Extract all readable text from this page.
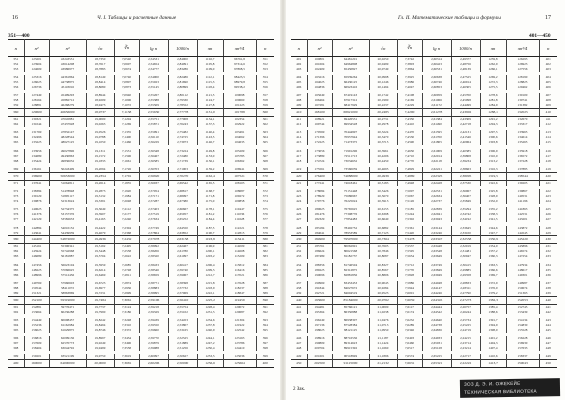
16	Ч. I. Таблицы и расчетные данные
351—400
n	n²	n³	√n	∛n	lg n	1000/n	πn	πn²/4	n
351	123201	43243551	18,7350	7,0540	2,54531	2,84900	1102,7	96761,8	351
352	123904	43614208	18,7617	7,0607	2,54654	2,84091	1105,8	97314,6	352
353	124609	43986977	18,7883	7,0674	2,54777	2,83286	1109,0	97868,5	353

354	125316	44361864	18,8149	7,0740	2,54900	2,82486	1112,1	98423,5	354
355	126025	44738875	18,8414	7,0807	2,55023	2,81690	1115,3	98979,8	355
356	126736	45118016	18,8680	7,0873	2,55145	2,80899	1118,4	99538,2	356

357	127449	45499293	18,8944	7,0940	2,55267	2,80112	1121,5	100098	357
358	128164	45882712	18,9209	7,1006	2,55388	2,79330	1124,7	100660	358
359	128881	46268279	18,9473	7,1072	2,55509	2,78552	1127,8	101223	359
360	129600	46656000	18,9737	7,1138	2,55630	2,77778	1131,0	101788	360
361	130321	47045881	19,0000	7,1204	2,55751	2,77008	1134,1	102354	361
362	131044	47437928	19,0263	7,1269	2,55871	2,76243	1137,3	102922	362

363	131769	47832147	19,0526	7,1335	2,55991	2,75482	1140,4	103491	363
364	132496	48228544	19,0788	7,1400	2,56110	2,74725	1143,5	104062	364
365	133225	48627125	19,1050	7,1466	2,56229	2,73973	1146,7	104635	365

366	133956	49027896	19,1311	7,1531	2,56348	2,73224	1149,8	105209	366
367	134689	49430863	19,1572	7,1596	2,56467	2,72480	1153,0	105785	367
368	135424	49836032	19,1833	7,1661	2,56585	2,71739	1156,1	106362	368

369	136161	50243409	19,2094	7,1726	2,56703	2,71003	1159,2	106941	369
370	136900	50653000	19,2354	7,1791	2,56820	2,70270	1162,4	107521	370
371	137641	51064811	19,2614	7,1855	2,56937	2,69542	1165,5	108103	371

372	138384	51478848	19,2873	7,1920	2,57054	2,68817	1168,7	108687	372
373	139129	51895117	19,3132	7,1984	2,57171	2,68097	1171,8	109272	373
374	139876	52313624	19,3391	7,2048	2,57287	2,67380	1175,0	109858	374

375	140625	52734375	19,3649	7,2112	2,57403	2,66667	1178,1	110447	375
376	141376	53157376	19,3907	7,2177	2,57519	2,65957	1181,2	111036	376
377	142129	53582633	19,4165	7,2240	2,57634	2,65252	1184,4	111628	377

378	142884	54010152	19,4422	7,2304	2,57749	2,64550	1187,5	112221	378
379	143641	54439939	19,4679	7,2368	2,57864	2,63852	1190,7	112815	379
380	144400	54872000	19,4936	7,2432	2,57978	2,63158	1193,8	113411	380
381	145161	55306341	19,5192	7,2495	2,58092	2,62467	1196,9	114009	381
382	145924	55742968	19,5448	7,2558	2,58206	2,61780	1200,1	114608	382
383	146689	56181887	19,5704	7,2622	2,58320	2,61097	1203,2	115209	383

384	147456	56623104	19,5959	7,2685	2,58433	2,60417	1206,4	115812	384
385	148225	57066625	19,6214	7,2748	2,58546	2,59740	1209,5	116416	385
386	148996	57512456	19,6469	7,2811	2,58659	2,59067	1212,7	117021	386

387	149769	57960603	19,6723	7,2874	2,58771	2,58398	1215,8	117628	387
388	150544	58411072	19,6977	7,2936	2,58883	2,57732	1218,9	118237	388
389	151321	58863869	19,7231	7,2999	2,58995	2,57069	1222,1	118847	389
390	152100	59319000	19,7484	7,3061	2,59106	2,56410	1225,2	119459	390
391	152881	59776471	19,7737	7,3124	2,59218	2,55754	1228,4	120072	391
392	153664	60236288	19,7990	7,3186	2,59329	2,55102	1231,5	120687	392

393	154449	60698457	19,8242	7,3248	2,59439	2,54453	1234,6	121304	393
394	155236	61162984	19,8494	7,3310	2,59550	2,53807	1237,8	121922	394
395	156025	61629875	19,8746	7,3372	2,59660	2,53165	1240,9	122542	395

396	156816	62099136	19,8997	7,3434	2,59770	2,52525	1244,1	123163	396
397	157609	62570773	19,9249	7,3496	2,59879	2,51889	1247,2	123786	397
398	158404	63044792	19,9499	7,3558	2,59988	2,51256	1250,4	124410	398

399	159201	63521199	19,9750	7,3619	2,60097	2,50627	1253,5	125036	399
400	160000	64000000	20,0000	7,3681	2,60206	2,50000	1256,6	125664	400
Гл. II. Математические таблицы и формулы	17
401—450
n	n²	n³	√n	∛n	lg n	1000/n	πn	πn²/4	n
401	160801	64481201	20,0250	7,3742	2,60314	2,49377	1259,8	126293	401
402	161604	64964808	20,0499	7,3803	2,60423	2,48756	1262,9	126923	402
403	162409	65450827	20,0749	7,3864	2,60531	2,48139	1266,1	127556	403

404	163216	65939264	20,0998	7,3925	2,60638	2,47525	1269,2	128190	404
405	164025	66430125	20,1246	7,3986	2,60746	2,46914	1272,3	128825	405
406	164836	66923416	20,1494	7,4047	2,60853	2,46305	1275,5	129462	406

407	165649	67419143	20,1742	7,4108	2,60959	2,45700	1278,6	130100	407
408	166464	67917312	20,1990	7,4169	2,61066	2,45098	1281,8	130741	408
409	167281	68417929	20,2237	7,4229	2,61172	2,44499	1284,9	131382	409
410	168100	68921000	20,2485	7,4290	2,61278	2,43902	1288,1	132025	410
411	168921	69426531	20,2731	7,4350	2,61384	2,43309	1291,2	132670	411
412	169744	69934528	20,2978	7,4410	2,61490	2,42718	1294,3	133317	412

413	170569	70444997	20,3224	7,4470	2,61595	2,42131	1297,5	133965	413
414	171396	70957944	20,3470	7,4530	2,61700	2,41546	1300,6	134614	414
415	172225	71473375	20,3715	7,4590	2,61805	2,40964	1303,8	135265	415

416	173056	71991296	20,3961	7,4650	2,61909	2,40385	1306,9	135918	416
417	173889	72511713	20,4206	7,4710	2,62014	2,39808	1310,0	136572	417
418	174724	73034632	20,4450	7,4770	2,62118	2,39234	1313,2	137228	418

419	175561	73560059	20,4695	7,4829	2,62221	2,38663	1316,3	137885	419
420	176400	74088000	20,4939	7,4889	2,62325	2,38095	1319,5	138544	420
421	177241	74618461	20,5183	7,4948	2,62428	2,37530	1322,6	139205	421

422	178084	75151448	20,5426	7,5007	2,62531	2,36967	1325,8	139867	422
423	178929	75686967	20,5670	7,5067	2,62634	2,36407	1328,9	140531	423
424	179776	76225024	20,5913	7,5126	2,62737	2,35849	1332,0	141196	424

425	180625	76765625	20,6155	7,5185	2,62839	2,35294	1335,2	141863	425
426	181476	77308776	20,6398	7,5244	2,62941	2,34742	1338,3	142531	426
427	182329	77854483	20,6640	7,5302	2,63043	2,34192	1341,5	143201	427

428	183184	78402752	20,6882	7,5361	2,63144	2,33645	1344,6	143872	428
429	184041	78953589	20,7123	7,5420	2,63246	2,33100	1347,7	144545	429
430	184900	79507000	20,7364	7,5478	2,63347	2,32558	1350,9	145220	430
431	185761	80062991	20,7605	7,5537	2,63448	2,32019	1354,0	145896	431
432	186624	80621568	20,7846	7,5595	2,63548	2,31481	1357,2	146574	432
433	187489	81182737	20,8087	7,5654	2,63649	2,30947	1360,3	147254	433

434	188356	81746504	20,8327	7,5712	2,63749	2,30415	1363,5	147934	434
435	189225	82312875	20,8567	7,5770	2,63849	2,29885	1366,6	148617	435
436	190096	82881856	20,8806	7,5828	2,63949	2,29358	1369,7	149301	436

437	190969	83453453	20,9045	7,5886	2,64048	2,28833	1372,9	149987	437
438	191844	84027672	20,9284	7,5944	2,64147	2,28311	1376,0	150674	438
439	192721	84604519	20,9523	7,6001	2,64246	2,27790	1379,2	151363	439
440	193600	85184000	20,9762	7,6059	2,64345	2,27273	1382,3	152053	440
441	194481	85766121	21,0000	7,6117	2,64444	2,26757	1385,4	152745	441
442	195364	86350888	21,0238	7,6174	2,64542	2,26244	1388,6	153439	442

443	196249	86938307	21,0476	7,6232	2,64640	2,25734	1391,7	154134	443
444	197136	87528384	21,0713	7,6289	2,64738	2,25225	1394,9	154830	444
445	198025	88121125	21,0950	7,6346	2,64836	2,24719	1398,0	155528	445

446	198916	88716536	21,1187	7,6403	2,64933	2,24215	1401,2	156228	446
447	199809	89314623	21,1424	7,6460	2,65031	2,23714	1404,3	156930	447
448	200704	89915392	21,1660	7,6517	2,65128	2,23214	1407,4	157633	448

449	201601	90518849	21,1896	7,6574	2,65225	2,22717	1410,6	158337	449
450	202500	91125000	21,2132	7,6631	2,65321	2,22222	1413,7	159043	450
2 Зак.
ЗОЗ Д. Э. И. ОЖЕКЕЙЕ
ТЕХНИЧЕСКАЯ ВИБЛИОТЕКА
